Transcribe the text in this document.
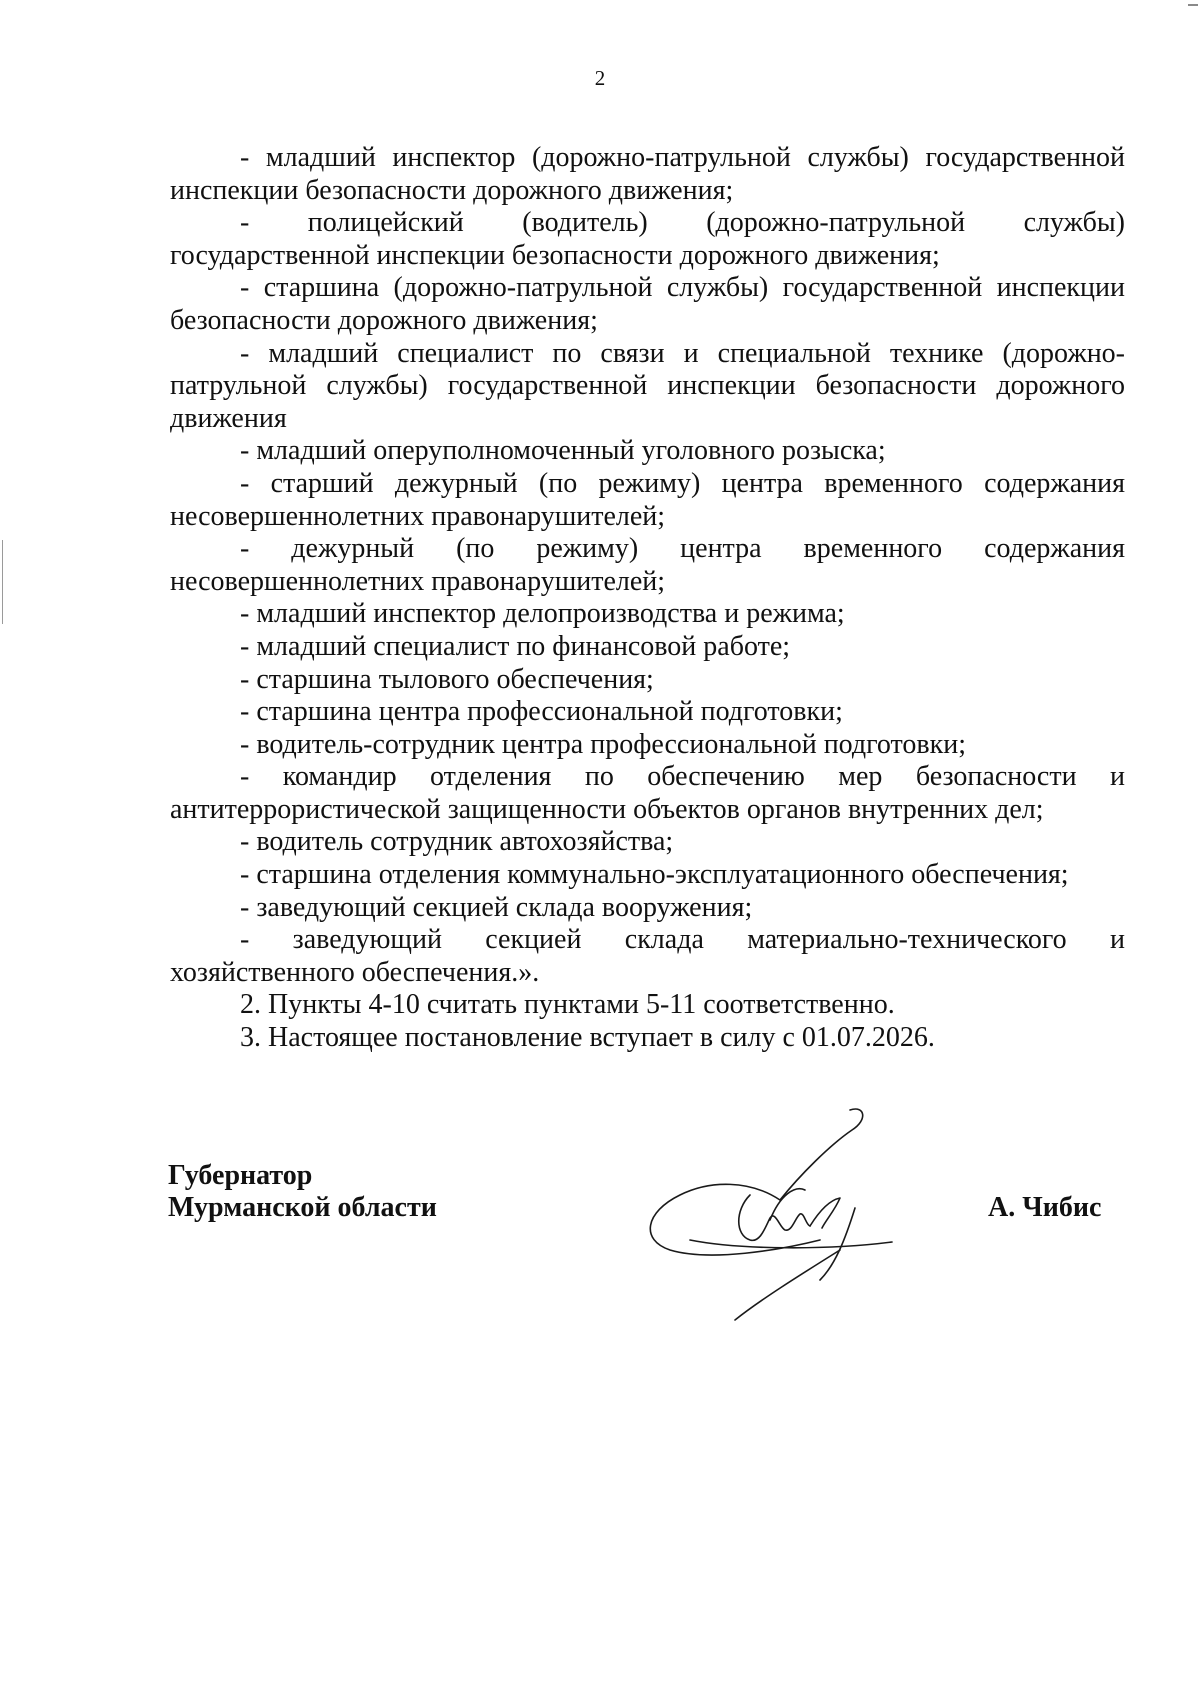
2

- младший инспектор (дорожно-патрульной службы) государственной инспекции безопасности дорожного движения;

- полицейский (водитель) (дорожно-патрульной службы) государственной инспекции безопасности дорожного движения;

- старшина (дорожно-патрульной службы) государственной инспекции безопасности дорожного движения;

- младший специалист по связи и специальной технике (дорожно-патрульной службы) государственной инспекции безопасности дорожного движения

- младший оперуполномоченный уголовного розыска;

- старший дежурный (по режиму) центра временного содержания несовершеннолетних правонарушителей;

- дежурный (по режиму) центра временного содержания несовершеннолетних правонарушителей;

- младший инспектор делопроизводства и режима;

- младший специалист по финансовой работе;

- старшина тылового обеспечения;

- старшина центра профессиональной подготовки;

- водитель-сотрудник центра профессиональной подготовки;

- командир отделения по обеспечению мер безопасности и антитеррористической защищенности объектов органов внутренних дел;

- водитель сотрудник автохозяйства;

- старшина отделения коммунально-эксплуатационного обеспечения;

- заведующий секцией склада вооружения;

- заведующий секцией склада материально-технического и хозяйственного обеспечения.».

2. Пункты 4-10 считать пунктами 5-11 соответственно.

3. Настоящее постановление вступает в силу с 01.07.2026.

Губернатор
Мурманской области	А. Чибис
